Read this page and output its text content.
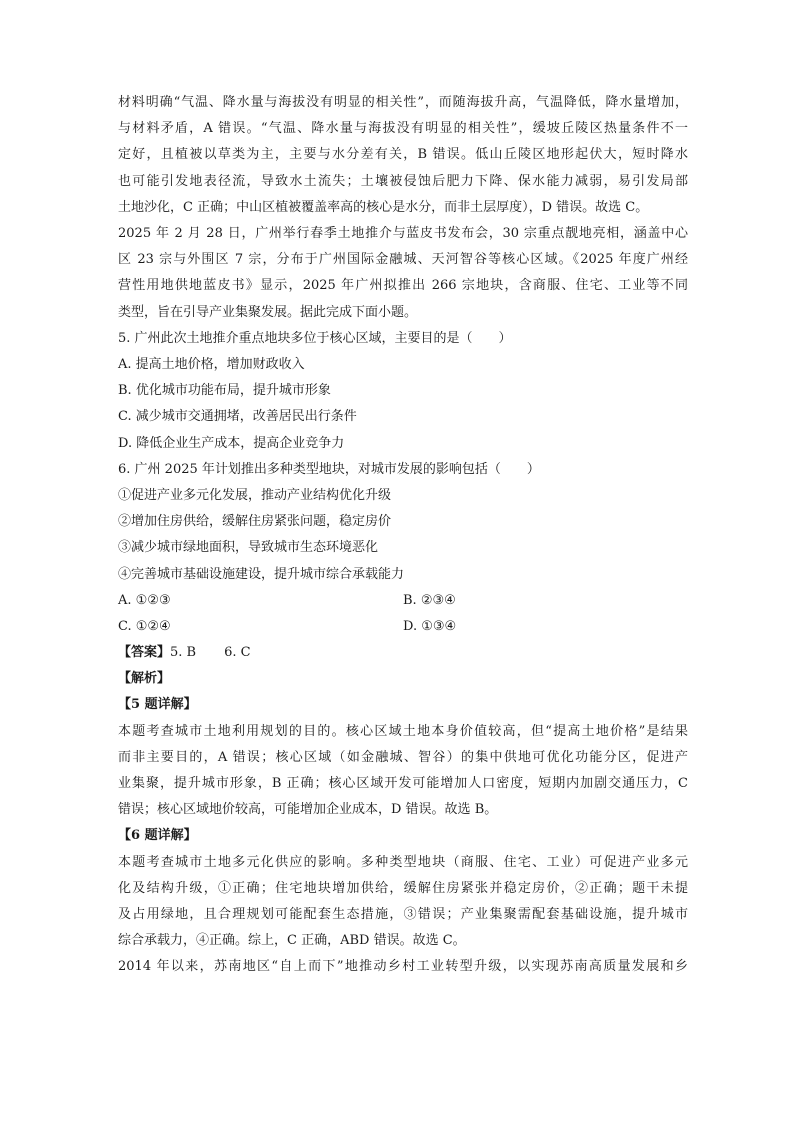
材料明确“气温、降水量与海拔没有明显的相关性”，而随海拔升高，气温降低，降水量增加，
与材料矛盾，A 错误。“气温、降水量与海拔没有明显的相关性”，缓坡丘陵区热量条件不一
定好，且植被以草类为主，主要与水分差有关，B 错误。低山丘陵区地形起伏大，短时降水
也可能引发地表径流，导致水土流失；土壤被侵蚀后肥力下降、保水能力减弱，易引发局部
土地沙化，C 正确；中山区植被覆盖率高的核心是水分，而非土层厚度），D 错误。故选 C。
2025 年 2 月 28 日，广州举行春季土地推介与蓝皮书发布会，30 宗重点靓地亮相，涵盖中心
区 23 宗与外围区 7 宗，分布于广州国际金融城、天河智谷等核心区域。《2025 年度广州经
营性用地供地蓝皮书》显示，2025 年广州拟推出 266 宗地块，含商服、住宅、工业等不同
类型，旨在引导产业集聚发展。据此完成下面小题。
5. 广州此次土地推介重点地块多位于核心区域，主要目的是（　　）
A. 提高土地价格，增加财政收入
B. 优化城市功能布局，提升城市形象
C. 减少城市交通拥堵，改善居民出行条件
D. 降低企业生产成本，提高企业竞争力
6. 广州 2025 年计划推出多种类型地块，对城市发展的影响包括（　　）
①促进产业多元化发展，推动产业结构优化升级
②增加住房供给，缓解住房紧张问题，稳定房价
③减少城市绿地面积，导致城市生态环境恶化
④完善城市基础设施建设，提升城市综合承载能力
A. ①②③	B. ②③④
C. ①②④	D. ①③④
【答案】5. B 6. C
【解析】
【5 题详解】
本题考查城市土地利用规划的目的。核心区域土地本身价值较高，但“提高土地价格”是结果
而非主要目的，A 错误；核心区域（如金融城、智谷）的集中供地可优化功能分区，促进产
业集聚，提升城市形象，B 正确；核心区域开发可能增加人口密度，短期内加剧交通压力，C
错误；核心区域地价较高，可能增加企业成本，D 错误。故选 B。
【6 题详解】
本题考查城市土地多元化供应的影响。多种类型地块（商服、住宅、工业）可促进产业多元
化及结构升级，①正确；住宅地块增加供给，缓解住房紧张并稳定房价，②正确；题干未提
及占用绿地，且合理规划可能配套生态措施，③错误；产业集聚需配套基础设施，提升城市
综合承载力，④正确。综上，C 正确，ABD 错误。故选 C。
2014 年以来，苏南地区“自上而下”地推动乡村工业转型升级，以实现苏南高质量发展和乡
